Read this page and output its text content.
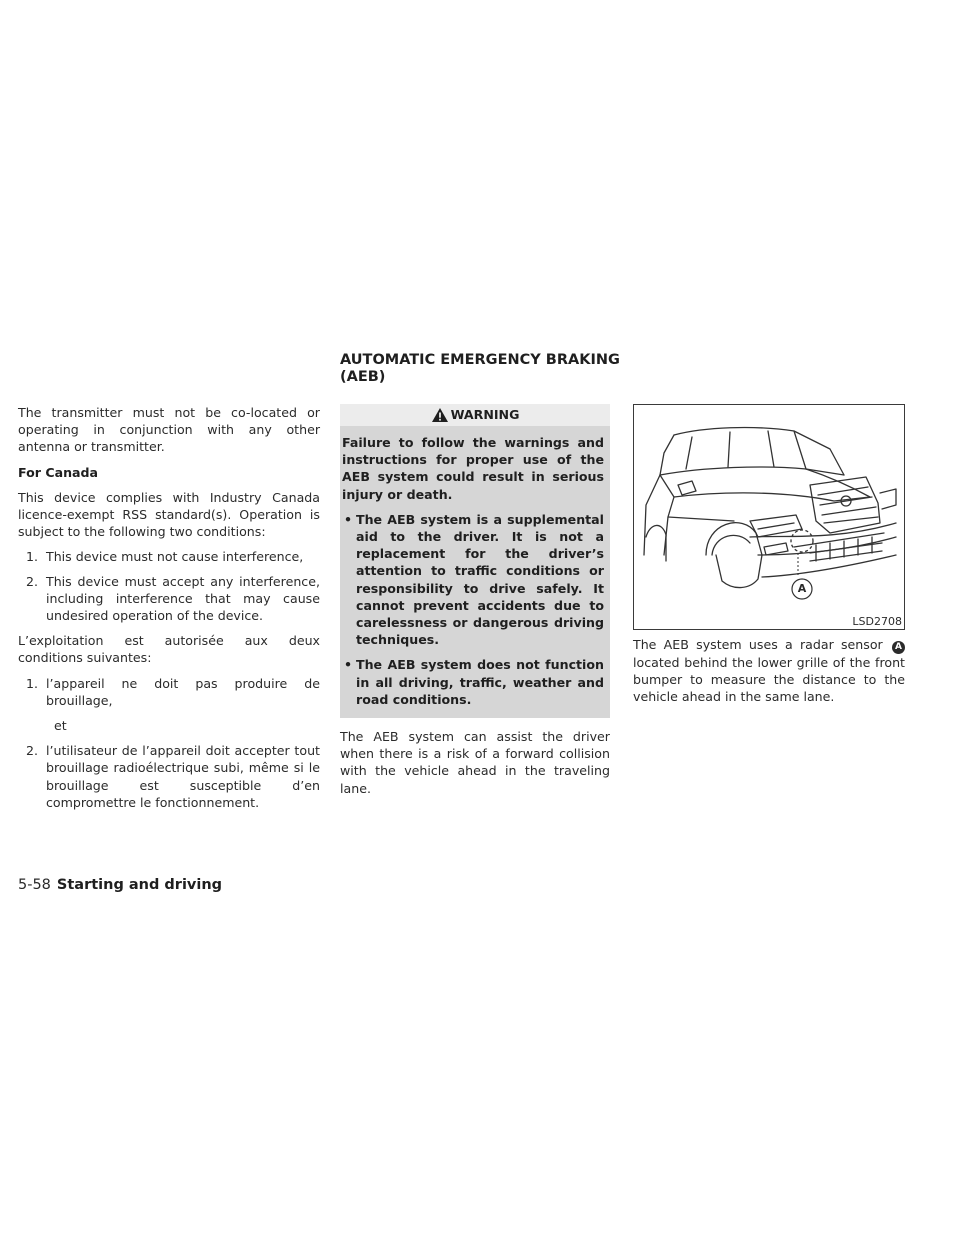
The transmitter must not be co-located or operating in conjunction with any other antenna or transmitter.

For Canada

This device complies with Industry Canada licence-exempt RSS standard(s). Operation is subject to the following two conditions:

1. This device must not cause interference,
2. This device must accept any interference, including interference that may cause undesired operation of the device.

L’exploitation est autorisée aux deux conditions suivantes:

1. l’appareil ne doit pas produire de brouillage,
et
2. l’utilisateur de l’appareil doit accepter tout brouillage radioélectrique subi, même si le brouillage est susceptible d’en compromettre le fonctionnement.
AUTOMATIC EMERGENCY BRAKING
(AEB)
WARNING

Failure to follow the warnings and instructions for proper use of the AEB system could result in serious injury or death.

• The AEB system is a supplemental aid to the driver. It is not a replacement for the driver’s attention to traffic conditions or responsibility to drive safely. It cannot prevent accidents due to carelessness or dangerous driving techniques.
• The AEB system does not function in all driving, traffic, weather and road conditions.

The AEB system can assist the driver when there is a risk of a forward collision with the vehicle ahead in the traveling lane.

A
LSD2708

The AEB system uses a radar sensor A located behind the lower grille of the front bumper to measure the distance to the vehicle ahead in the same lane.

5-58 Starting and driving
